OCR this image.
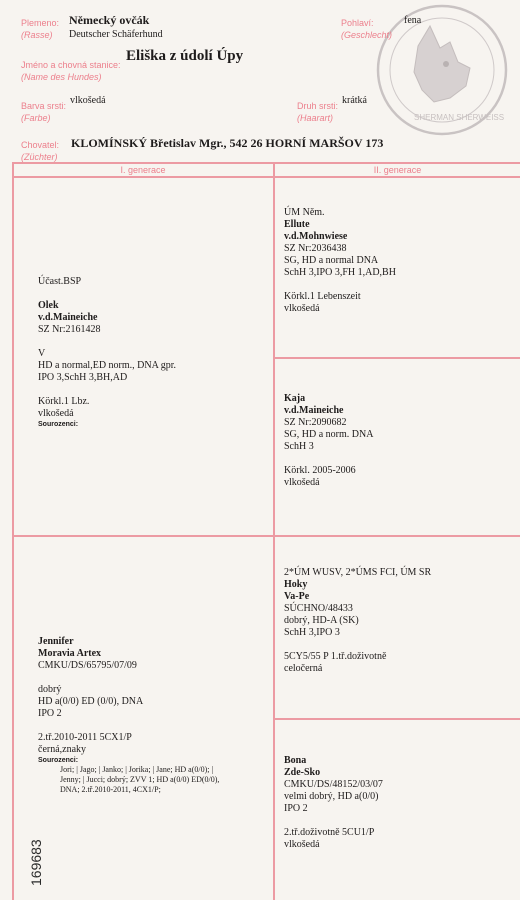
SHERMAN SHERWEISS
Plemeno:
(Rasse)
Německý ovčák
Deutscher Schäferhund
Pohlaví:
(Geschlecht)
fena
Jméno a chovná stanice:
(Name des Hundes)
Eliška z údolí Úpy
Barva srsti:
(Farbe)
vlkošedá	Druh srsti:
(Haarart)
krátká
Chovatel:
(Züchter)
KLOMÍNSKÝ Břetislav Mgr., 542 26 HORNÍ MARŠOV 173
I. generace	II. generace
Účast.BSP
Olek
v.d.Maineiche
SZ Nr:2161428
V
HD a normal,ED norm., DNA gpr.
IPO 3,SchH 3,BH,AD
Körkl.1 Lbz.
vlkošedá
Sourozenci:
ÚM Něm.
Ellute
v.d.Mohnwiese
SZ Nr:2036438
SG, HD a normal DNA
SchH 3,IPO 3,FH 1,AD,BH
Körkl.1 Lebenszeit
vlkošedá
Kaja
v.d.Maineiche
SZ Nr:2090682
SG, HD a norm. DNA
SchH 3
Körkl. 2005-2006
vlkošedá
Jennifer
Moravia Artex
CMKU/DS/65795/07/09
dobrý
HD a(0/0) ED (0/0), DNA
IPO 2
2.tř.2010-2011 5CX1/P
černá,znaky
Sourozenci:
Jori; | Jago; | Janko; | Jorika; | Jane; HD a(0/0); |
Jenny; | Jucci; dobrý; ZVV 1; HD a(0/0) ED(0/0),
DNA; 2.tř.2010-2011, 4CX1/P;
2*ÚM WUSV, 2*ÚMS FCI, ÚM SR
Hoky
Va-Pe
SÚCHNO/48433
dobrý, HD-A (SK)
SchH 3,IPO 3
5CY5/55 P 1.tř.doživotně
celočerná
Bona
Zde-Sko
CMKU/DS/48152/03/07
velmi dobrý, HD a(0/0)
IPO 2
2.tř.doživotně 5CU1/P
vlkošedá
169683
